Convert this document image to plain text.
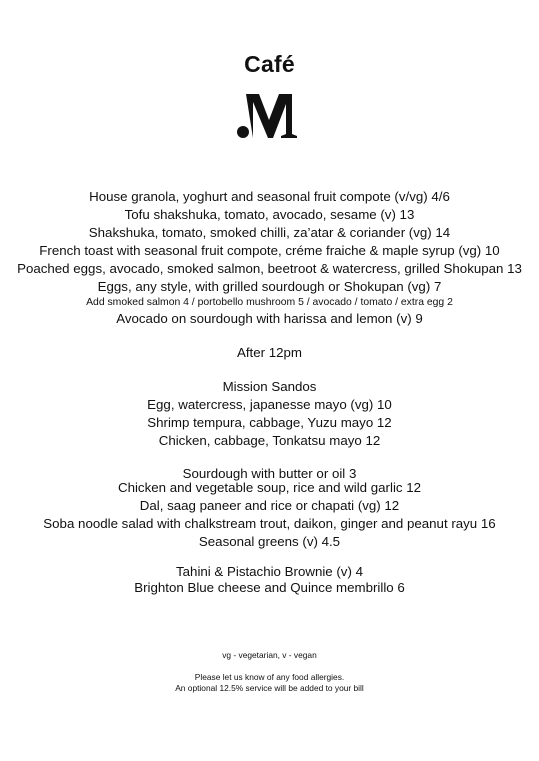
Café
House granola, yoghurt and seasonal fruit compote (v/vg) 4/6
Tofu shakshuka, tomato, avocado, sesame (v) 13
Shakshuka, tomato, smoked chilli, za’atar & coriander (vg) 14
French toast with seasonal fruit compote, créme fraiche & maple syrup (vg) 10
Poached eggs, avocado, smoked salmon, beetroot & watercress, grilled Shokupan 13
Eggs, any style, with grilled sourdough or Shokupan (vg) 7
Add smoked salmon 4 / portobello mushroom 5 / avocado / tomato / extra egg 2
Avocado on sourdough with harissa and lemon (v) 9
After 12pm
Mission Sandos
Egg, watercress, japanesse mayo (vg) 10
Shrimp tempura, cabbage, Yuzu mayo 12
Chicken, cabbage, Tonkatsu mayo 12
Sourdough with butter or oil 3
Chicken and vegetable soup, rice and wild garlic 12
Dal, saag paneer and rice or chapati (vg) 12
Soba noodle salad with chalkstream trout, daikon, ginger and peanut rayu 16
Seasonal greens (v) 4.5
Tahini & Pistachio Brownie (v) 4
Brighton Blue cheese and Quince membrillo 6
vg - vegetarian, v - vegan
Please let us know of any food allergies.
An optional 12.5% service will be added to your bill
